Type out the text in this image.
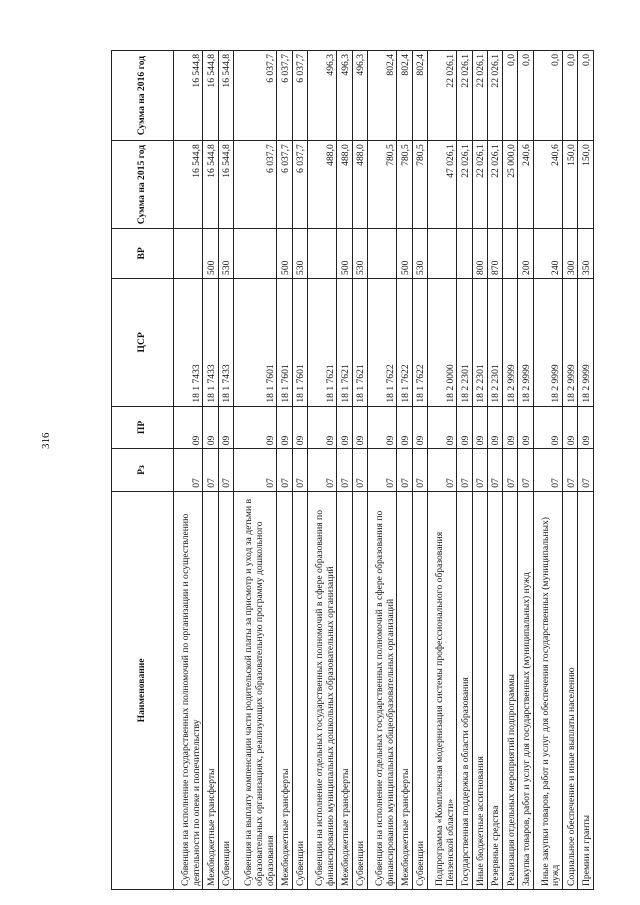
316
Наименование	Рз	ПР	ЦСР	ВР	Сумма на 2015 год	Сумма на 2016 год
Субвенция на исполнение государственных полномочий по организации и осуществлению деятельности по опеке и попечительству	07	09	18 1 7433		16 544,8	16 544,8
Межбюджетные трансферты	07	09	18 1 7433	500	16 544,8	16 544,8
Субвенции	07	09	18 1 7433	530	16 544,8	16 544,8
Субвенция на выплату компенсации части родительской платы за присмотр и уход за детьми в образовательных организациях, реализующих образовательную программу дошкольного образования	07	09	18 1 7601		6 037,7	6 037,7
Межбюджетные трансферты	07	09	18 1 7601	500	6 037,7	6 037,7
Субвенции	07	09	18 1 7601	530	6 037,7	6 037,7
Субвенции на исполнение отдельных государственных полномочий в сфере образования по финансированию муниципальных дошкольных образовательных организаций	07	09	18 1 7621		488,0	496,3
Межбюджетные трансферты	07	09	18 1 7621	500	488,0	496,3
Субвенции	07	09	18 1 7621	530	488,0	496,3
Субвенция на исполнение отдельных государственных полномочий в сфере образования по финансированию муниципальных общеобразовательных организаций	07	09	18 1 7622		780,5	802,4
Межбюджетные трансферты	07	09	18 1 7622	500	780,5	802,4
Субвенции	07	09	18 1 7622	530	780,5	802,4
Подпрограмма «Комплексная модернизация системы профессионального образования Пензенской области»	07	09	18 2 0000		47 026,1	22 026,1
Государственная поддержка в области образования	07	09	18 2 2301		22 026,1	22 026,1
Иные бюджетные ассигнования	07	09	18 2 2301	800	22 026,1	22 026,1
Резервные средства	07	09	18 2 2301	870	22 026,1	22 026,1
Реализация отдельных мероприятий подпрограммы	07	09	18 2 9999		25 000,0	0,0
Закупка товаров, работ и услуг для государственных (муниципальных) нужд	07	09	18 2 9999	200	240,6	0,0
Иные закупки товаров, работ и услуг для обеспечения государственных (муниципальных) нужд	07	09	18 2 9999	240	240,6	0,0
Социальное обеспечение и иные выплаты населению	07	09	18 2 9999	300	150,0	0,0
Премии и гранты	07	09	18 2 9999	350	150,0	0,0
